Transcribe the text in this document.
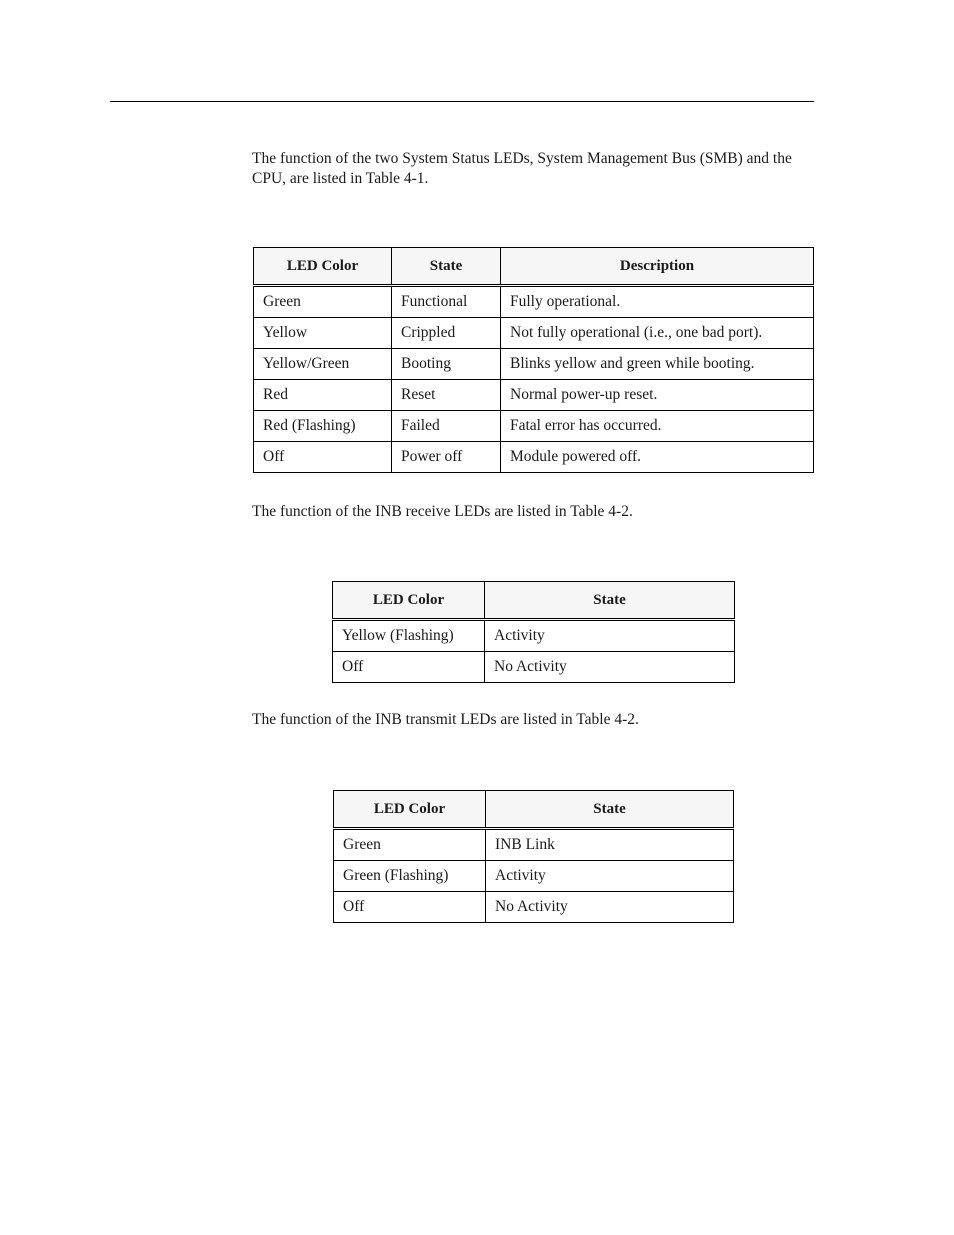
The function of the two System Status LEDs, System Management Bus (SMB) and the CPU, are listed in Table 4-1.

LED Color	State	Description
Green	Functional	Fully operational.
Yellow	Crippled	Not fully operational (i.e., one bad port).
Yellow/Green	Booting	Blinks yellow and green while booting.
Red	Reset	Normal power-up reset.
Red (Flashing)	Failed	Fatal error has occurred.
Off	Power off	Module powered off.

The function of the INB receive LEDs are listed in Table 4-2.

LED Color	State
Yellow (Flashing)	Activity
Off	No Activity

The function of the INB transmit LEDs are listed in Table 4-2.

LED Color	State
Green	INB Link
Green (Flashing)	Activity
Off	No Activity
